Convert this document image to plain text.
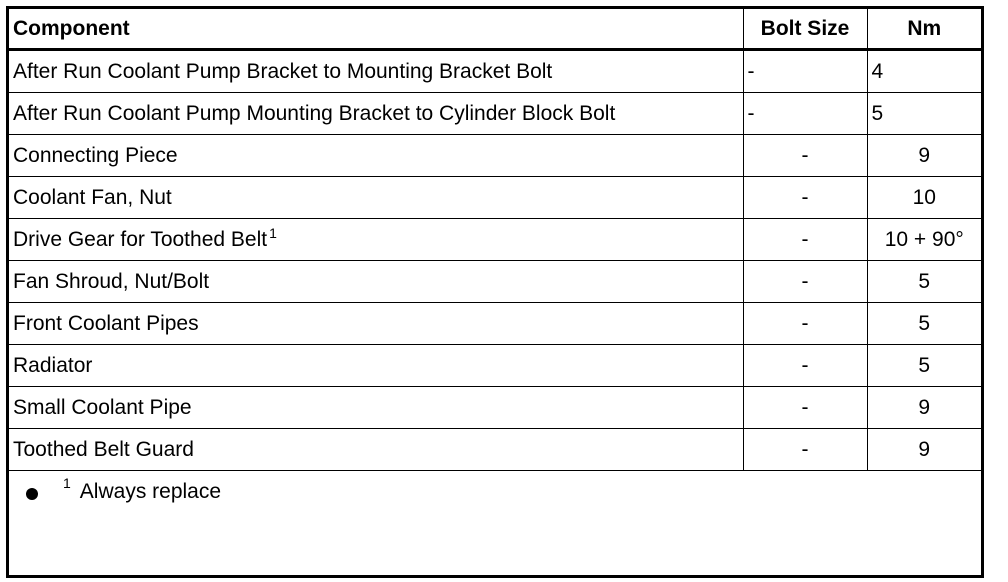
Component	Bolt Size	Nm
After Run Coolant Pump Bracket to Mounting Bracket Bolt	-	4
After Run Coolant Pump Mounting Bracket to Cylinder Block Bolt	-	5
Connecting Piece	-	9
Coolant Fan, Nut	-	10
Drive Gear for Toothed Belt $^1$	-	10 + 90°
Fan Shroud, Nut/Bolt	-	5
Front Coolant Pipes	-	5
Radiator	-	5
Small Coolant Pipe	-	9
Toothed Belt Guard	-	9
1 Always replace
